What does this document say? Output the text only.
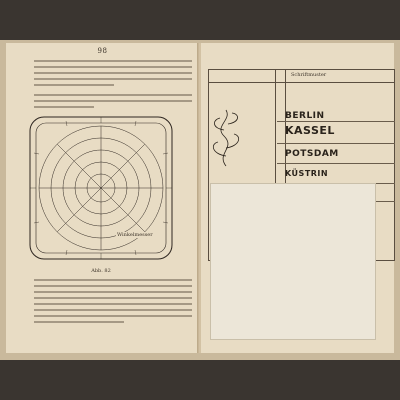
98
Winkelmesser
Abb. 82
Schriftmuster
BERLIN
KASSEL
POTSDAM
KÜSTRIN
